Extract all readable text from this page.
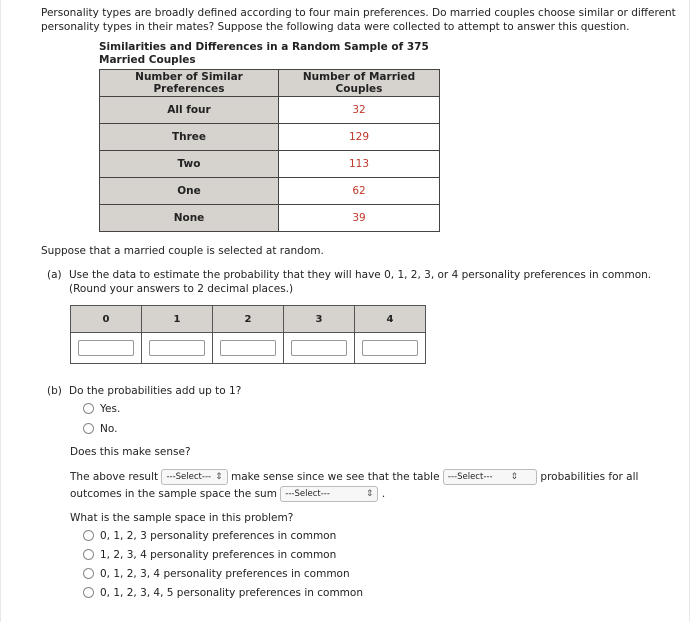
Personality types are broadly defined according to four main preferences. Do married couples choose similar or different personality types in their mates? Suppose the following data were collected to attempt to answer this question.
Similarities and Differences in a Random Sample of 375
Married Couples
Number of Similar Preferences	Number of Married Couples
All four	32
Three	129
Two	113
One	62
None	39
Suppose that a married couple is selected at random.
(a) Use the data to estimate the probability that they will have 0, 1, 2, 3, or 4 personality preferences in common. (Round your answers to 2 decimal places.)
0	1	2	3	4

(b) Do the probabilities add up to 1?
Yes.
No.
Does this make sense?
The above result ---Select--- ⇕ make sense since we see that the table ---Select--- ⇕ probabilities for all outcomes in the sample space the sum ---Select---	⇕ .
What is the sample space in this problem?
0, 1, 2, 3 personality preferences in common
1, 2, 3, 4 personality preferences in common
0, 1, 2, 3, 4 personality preferences in common
0, 1, 2, 3, 4, 5 personality preferences in common
